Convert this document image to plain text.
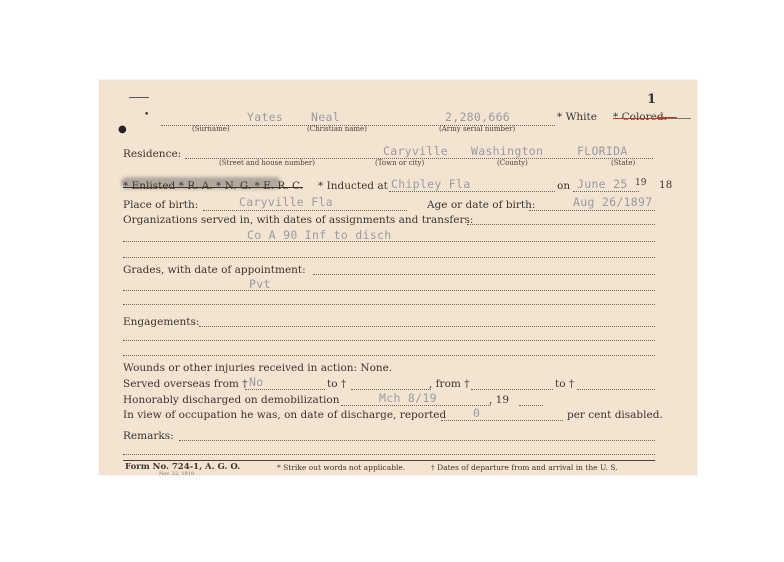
1
•
●
Yates Neal	2,280,666
(Surname)	(Christian name)	(Army serial number)
* White * Colored.
Residence:	Caryville Washington	FLORIDA
(Street and house number)	(Town or city)	(County)	(State)
* Enlisted * R. A. * N. G. * E. R. C. * Inducted at Chipley Fla	on June 25 19 18
Place of birth:	Caryville Fla	Age or date of birth:	Aug 26/1897
Organizations served in, with dates of assignments and transfers:
Co A 90 Inf to disch
Grades, with date of appointment:
Pvt
Engagements:
Wounds or other injuries received in action: None.
Served overseas from † No	to †	, from †	to †
Honorably discharged on demobilization	Mch 8/19	, 19
In view of occupation he was, on date of discharge, reported 0	per cent disabled.
Remarks:
Form No. 724-1, A. G. O.
Nov. 22, 1919
* Strike out words not applicable.	† Dates of departure from and arrival in the U. S.
